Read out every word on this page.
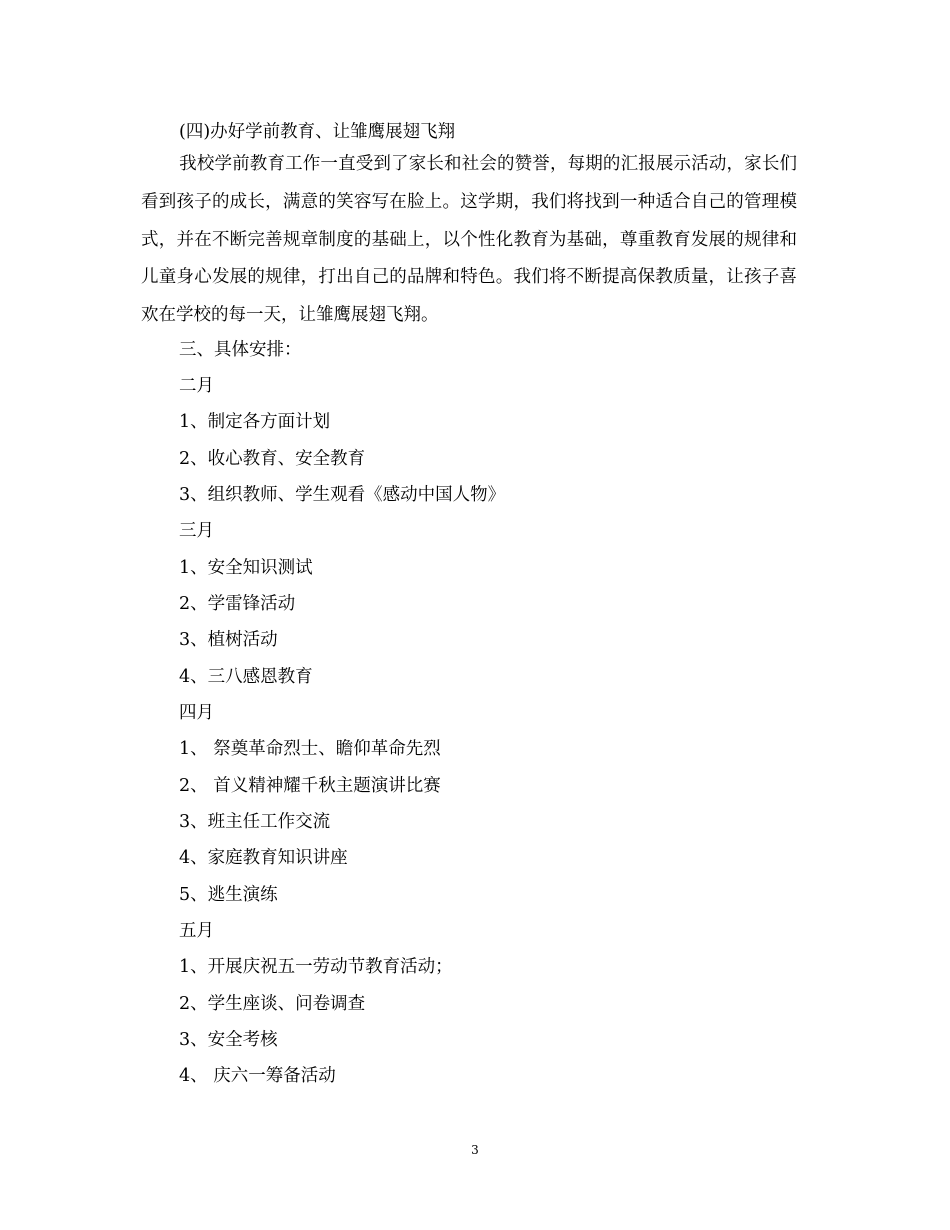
(四)办好学前教育、让雏鹰展翅飞翔
我校学前教育工作一直受到了家长和社会的赞誉，每期的汇报展示活动，家长们看到孩子的成长，满意的笑容写在脸上。这学期，我们将找到一种适合自己的管理模式，并在不断完善规章制度的基础上，以个性化教育为基础，尊重教育发展的规律和儿童身心发展的规律，打出自己的品牌和特色。我们将不断提高保教质量，让孩子喜欢在学校的每一天，让雏鹰展翅飞翔。
三、具体安排：
二月
1、制定各方面计划
2、收心教育、安全教育
3、组织教师、学生观看《感动中国人物》
三月
1、安全知识测试
2、学雷锋活动
3、植树活动
4、三八感恩教育
四月
1、 祭奠革命烈士、瞻仰革命先烈
2、 首义精神耀千秋主题演讲比赛
3、班主任工作交流
4、家庭教育知识讲座
5、逃生演练
五月
1、开展庆祝五一劳动节教育活动；
2、学生座谈、问卷调查
3、安全考核
4、 庆六一筹备活动
3
